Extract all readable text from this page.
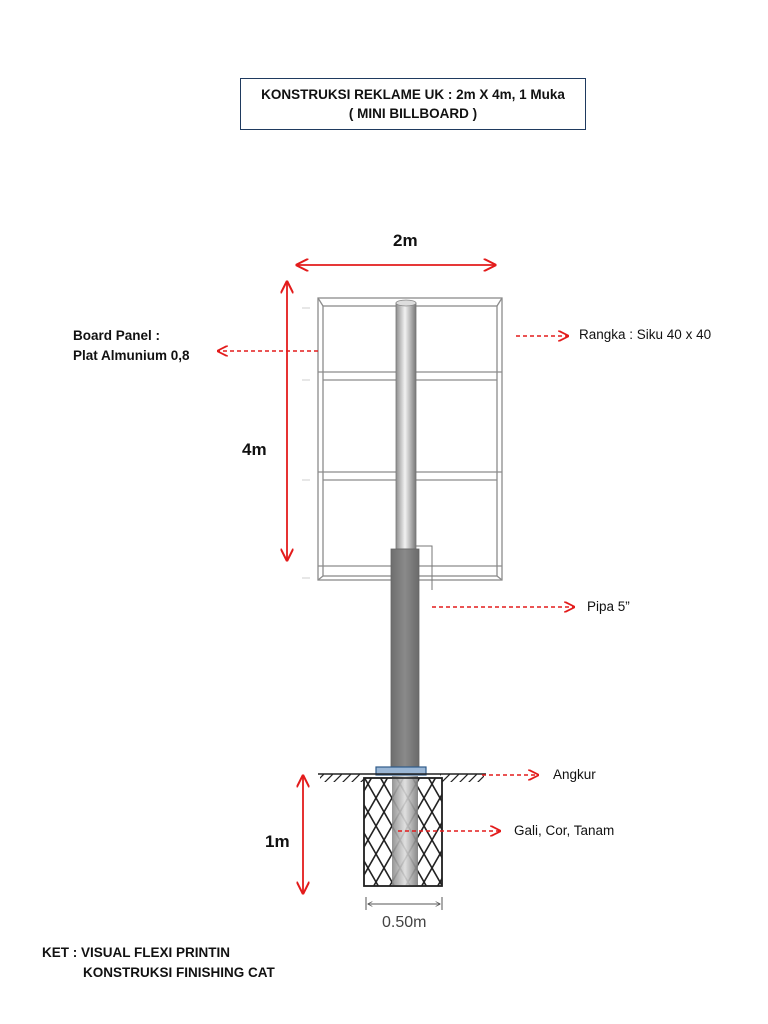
KONSTRUKSI REKLAME UK : 2m X 4m, 1 Muka
( MINI BILLBOARD )
2m
4m
1m
0.50m
Board Panel :
Plat Almunium 0,8
Rangka : Siku 40 x 40
Pipa 5”
Angkur
Gali, Cor, Tanam
KET : VISUAL FLEXI PRINTIN
KONSTRUKSI FINISHING CAT
